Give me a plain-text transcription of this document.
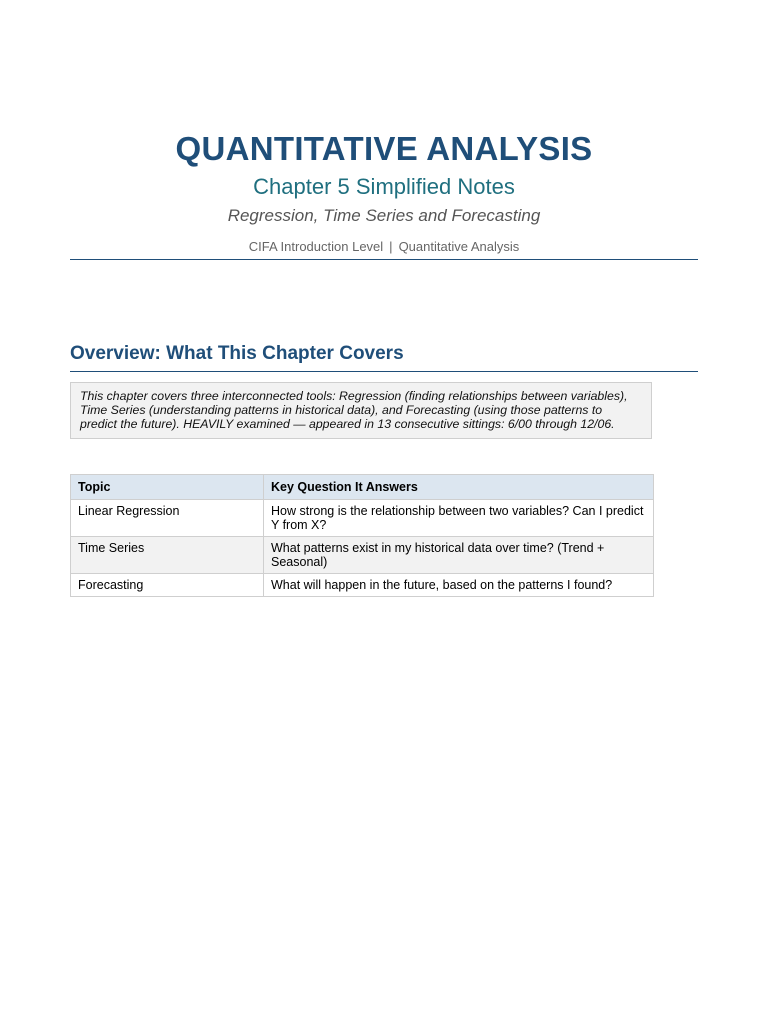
QUANTITATIVE ANALYSIS
Chapter 5 Simplified Notes
Regression, Time Series and Forecasting
CIFA Introduction Level | Quantitative Analysis
Overview: What This Chapter Covers
This chapter covers three interconnected tools: Regression (finding relationships between variables), Time Series (understanding patterns in historical data), and Forecasting (using those patterns to predict the future). HEAVILY examined — appeared in 13 consecutive sittings: 6/00 through 12/06.
Topic	Key Question It Answers
Linear Regression	How strong is the relationship between two variables? Can I predict Y from X?
Time Series	What patterns exist in my historical data over time? (Trend + Seasonal)
Forecasting	What will happen in the future, based on the patterns I found?
